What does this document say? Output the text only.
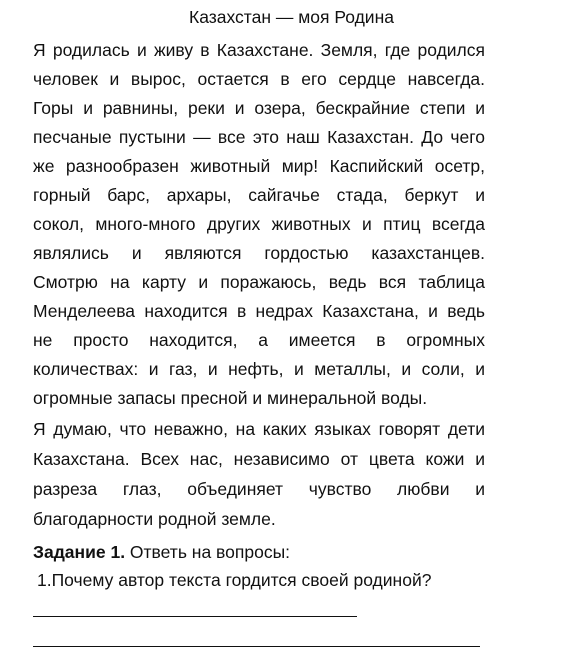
Казахстан — моя Родина
Я родилась и живу в Казахстане. Земля, где родился
человек и вырос, остается в его сердце навсегда.
Горы и равнины, реки и озера, бескрайние степи и
песчаные пустыни — все это наш Казахстан. До чего
же разнообразен животный мир! Каспийский осетр,
горный барс, архары, сайгачье стада, беркут и
сокол, много-много других животных и птиц всегда
являлись и являются гордостью казахстанцев.
Смотрю на карту и поражаюсь, ведь вся таблица
Менделеева находится в недрах Казахстана, и ведь
не просто находится, а имеется в огромных
количествах: и газ, и нефть, и металлы, и соли, и
огромные запасы пресной и минеральной воды.
Я думаю, что неважно, на каких языках говорят дети
Казахстана. Всех нас, независимо от цвета кожи и
разреза глаз, объединяет чувство любви и
благодарности родной земле.
Задание 1. Ответь на вопросы:
1.Почему автор текста гордится своей родиной?
